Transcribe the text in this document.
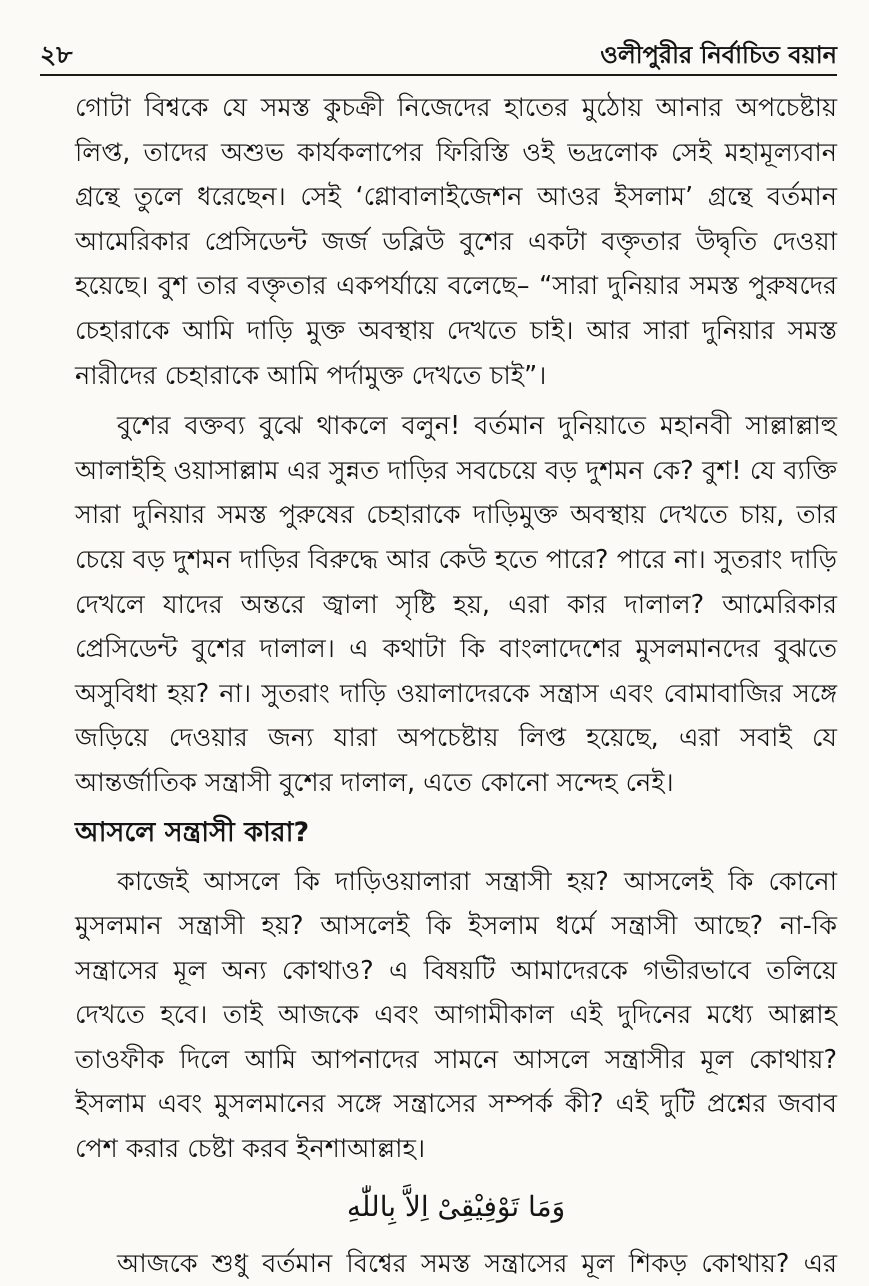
২৮	ওলীপুরীর নির্বাচিত বয়ান

গোটা বিশ্বকে যে সমস্ত কুচক্রী নিজেদের হাতের মুঠোয় আনার অপচেষ্টায় লিপ্ত, তাদের অশুভ কার্যকলাপের ফিরিস্তি ওই ভদ্রলোক সেই মহামূল্যবান গ্রন্থে তুলে ধরেছেন। সেই ‘গ্লোবালাইজেশন আওর ইসলাম’ গ্রন্থে বর্তমান আমেরিকার প্রেসিডেন্ট জর্জ ডব্লিউ বুশের একটা বক্তৃতার উদ্বৃতি দেওয়া হয়েছে। বুশ তার বক্তৃতার একপর্যায়ে বলেছে– “সারা দুনিয়ার সমস্ত পুরুষদের চেহারাকে আমি দাড়ি মুক্ত অবস্থায় দেখতে চাই। আর সারা দুনিয়ার সমস্ত নারীদের চেহারাকে আমি পর্দামুক্ত দেখতে চাই”।

বুশের বক্তব্য বুঝে থাকলে বলুন! বর্তমান দুনিয়াতে মহানবী সাল্লাল্লাহু আলাইহি ওয়াসাল্লাম এর সুন্নত দাড়ির সবচেয়ে বড় দুশমন কে? বুশ! যে ব্যক্তি সারা দুনিয়ার সমস্ত পুরুষের চেহারাকে দাড়িমুক্ত অবস্থায় দেখতে চায়, তার চেয়ে বড় দুশমন দাড়ির বিরুদ্ধে আর কেউ হতে পারে? পারে না। সুতরাং দাড়ি দেখলে যাদের অন্তরে জ্বালা সৃষ্টি হয়, এরা কার দালাল? আমেরিকার প্রেসিডেন্ট বুশের দালাল। এ কথাটা কি বাংলাদেশের মুসলমানদের বুঝতে অসুবিধা হয়? না। সুতরাং দাড়ি ওয়ালাদেরকে সন্ত্রাস এবং বোমাবাজির সঙ্গে জড়িয়ে দেওয়ার জন্য যারা অপচেষ্টায় লিপ্ত হয়েছে, এরা সবাই যে আন্তর্জাতিক সন্ত্রাসী বুশের দালাল, এতে কোনো সন্দেহ নেই।

আসলে সন্ত্রাসী কারা?

কাজেই আসলে কি দাড়িওয়ালারা সন্ত্রাসী হয়? আসলেই কি কোনো মুসলমান সন্ত্রাসী হয়? আসলেই কি ইসলাম ধর্মে সন্ত্রাসী আছে? না-কি সন্ত্রাসের মূল অন্য কোথাও? এ বিষয়টি আমাদেরকে গভীরভাবে তলিয়ে দেখতে হবে। তাই আজকে এবং আগামীকাল এই দুদিনের মধ্যে আল্লাহ তাওফীক দিলে আমি আপনাদের সামনে আসলে সন্ত্রাসীর মূল কোথায়? ইসলাম এবং মুসলমানের সঙ্গে সন্ত্রাসের সম্পর্ক কী? এই দুটি প্রশ্নের জবাব পেশ করার চেষ্টা করব ইনশাআল্লাহ।

وَمَا تَوْفِيْقِىْ اِلاَّ بِاللّٰهِ

আজকে শুধু বর্তমান বিশ্বের সমস্ত সন্ত্রাসের মূল শিকড় কোথায়? এর
